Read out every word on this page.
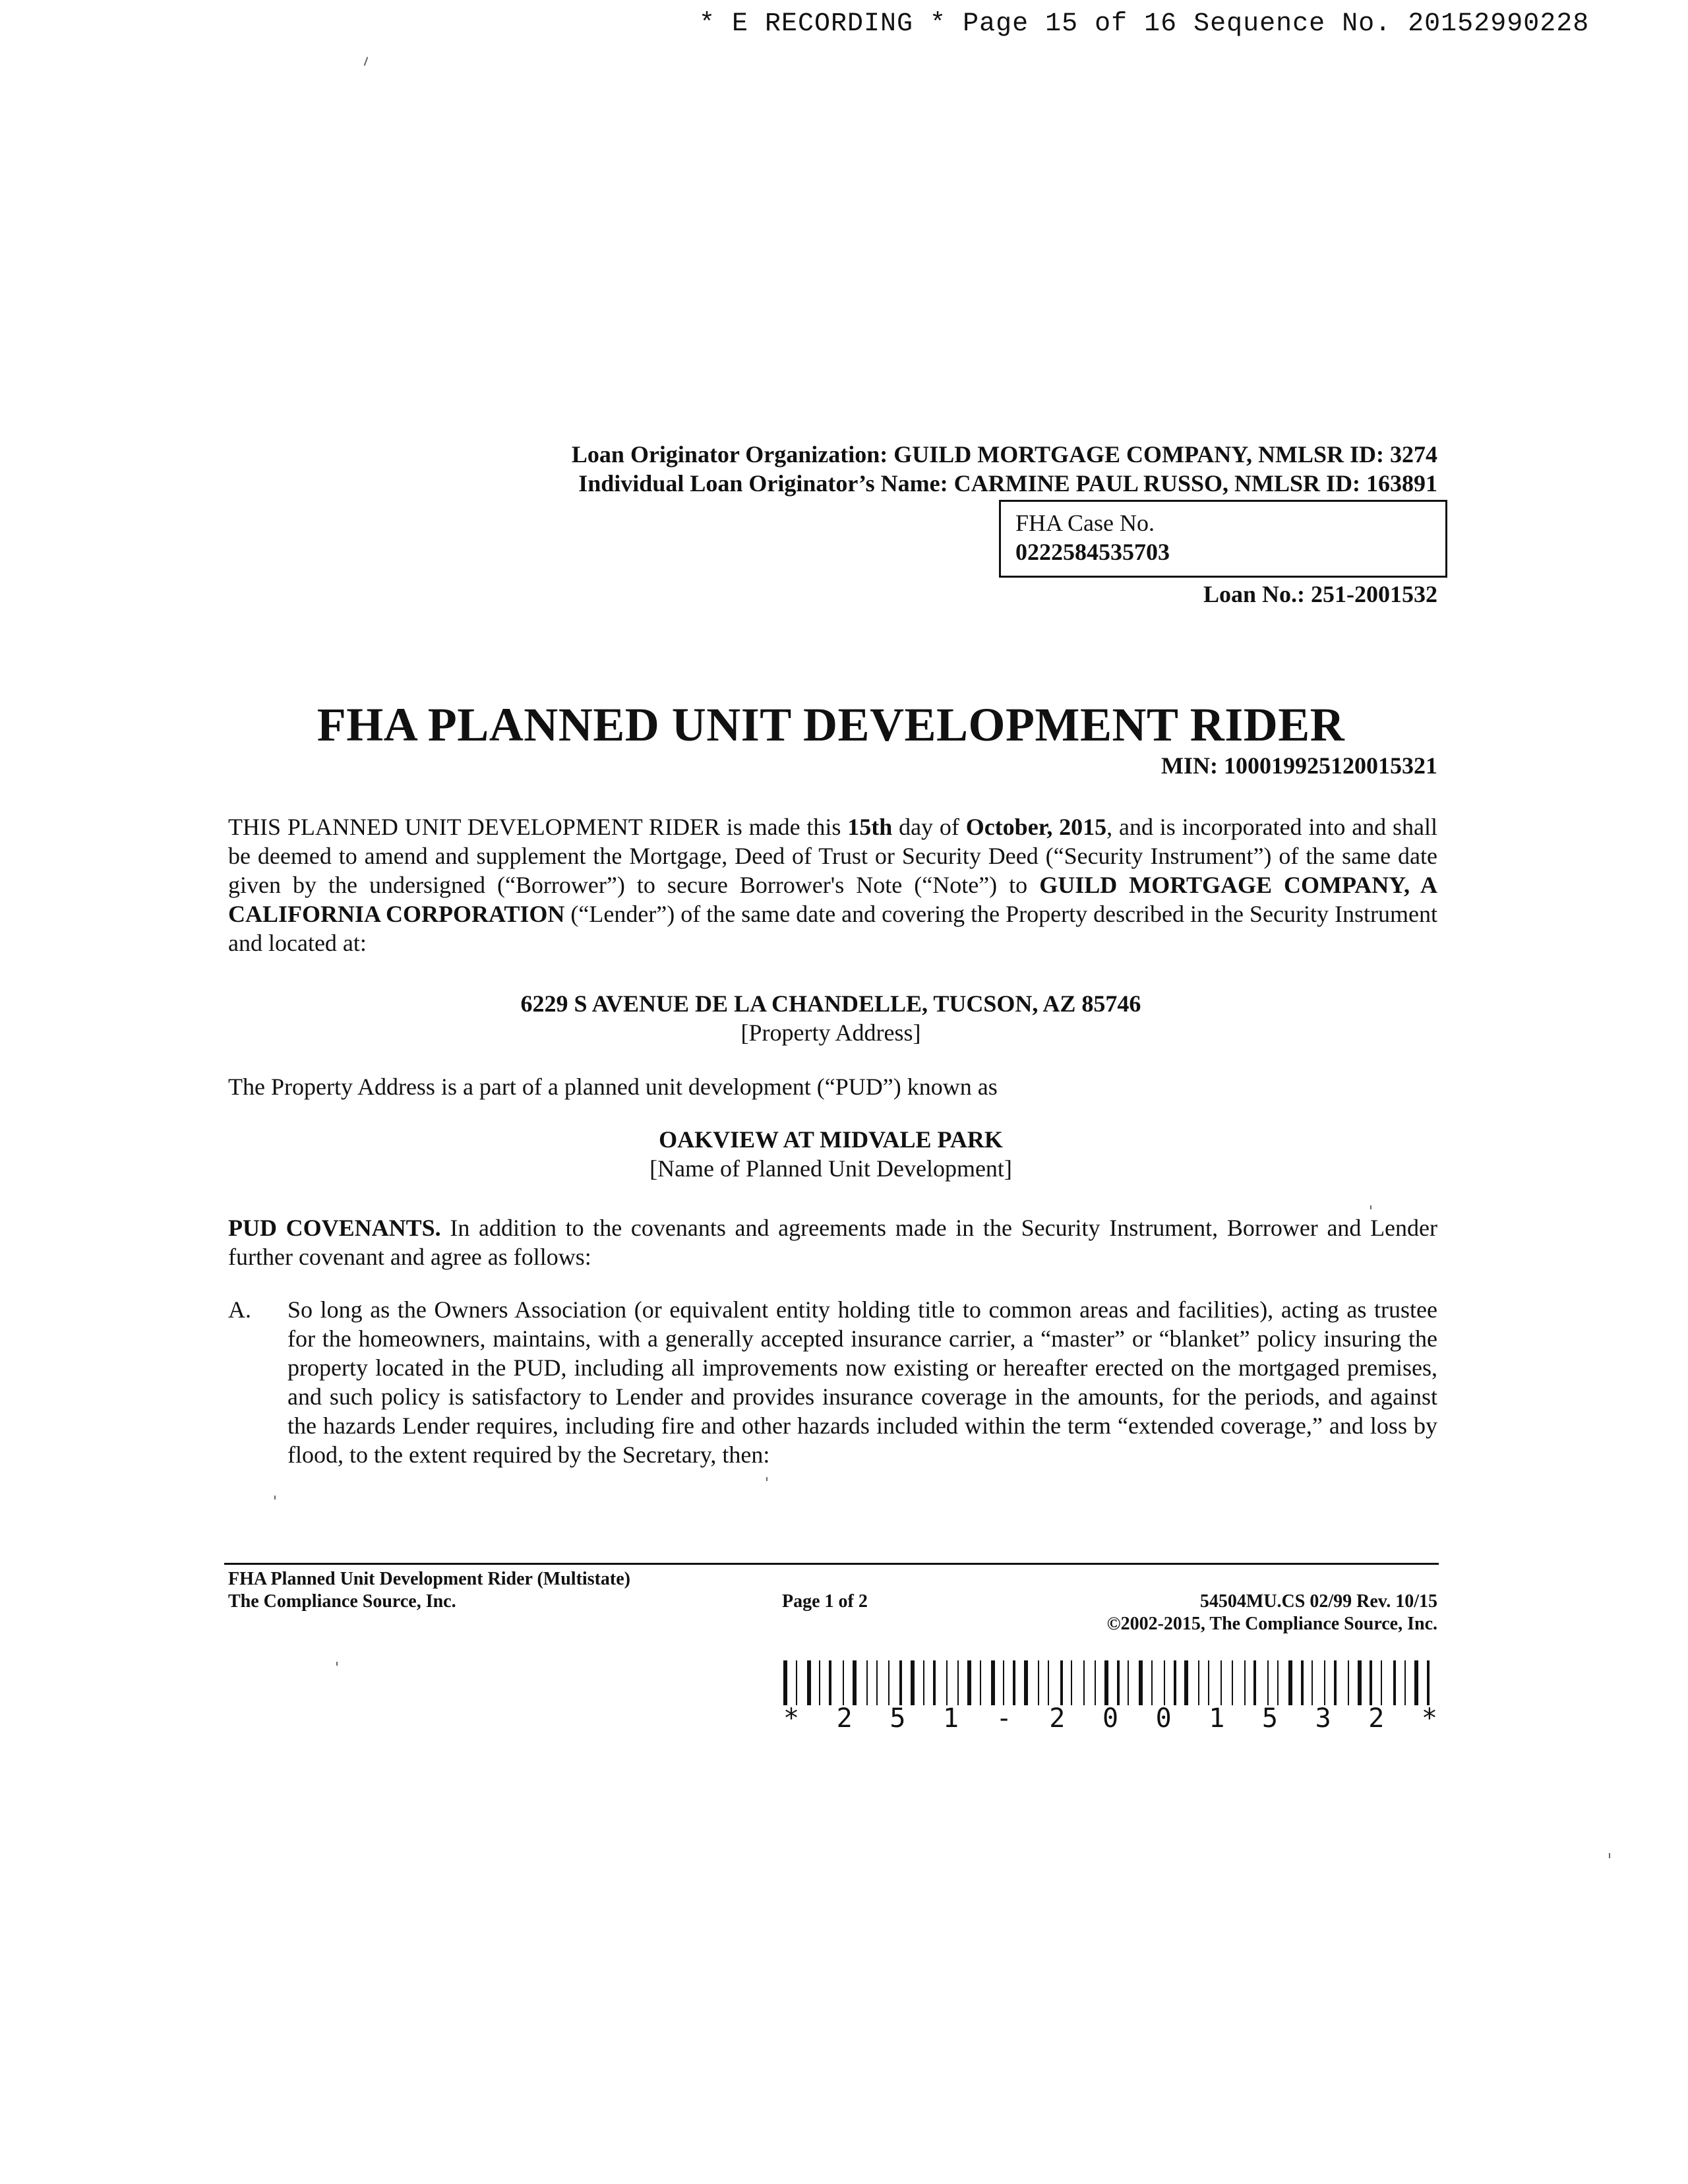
* E RECORDING * Page 15 of 16 Sequence No. 20152990228
Loan Originator Organization: GUILD MORTGAGE COMPANY, NMLSR ID: 3274
Individual Loan Originator’s Name: CARMINE PAUL RUSSO, NMLSR ID: 163891
FHA Case No.
0222584535703
Loan No.: 251-2001532
FHA PLANNED UNIT DEVELOPMENT RIDER
MIN: 100019925120015321
THIS PLANNED UNIT DEVELOPMENT RIDER is made this 15th day of October, 2015, and is incorporated into and shall be deemed to amend and supplement the Mortgage, Deed of Trust or Security Deed (“Security Instrument”) of the same date given by the undersigned (“Borrower”) to secure Borrower's Note (“Note”) to GUILD MORTGAGE COMPANY, A CALIFORNIA CORPORATION (“Lender”) of the same date and covering the Property described in the Security Instrument and located at:
6229 S AVENUE DE LA CHANDELLE, TUCSON, AZ 85746
[Property Address]
The Property Address is a part of a planned unit development (“PUD”) known as
OAKVIEW AT MIDVALE PARK
[Name of Planned Unit Development]
PUD COVENANTS. In addition to the covenants and agreements made in the Security Instrument, Borrower and Lender further covenant and agree as follows:
A. So long as the Owners Association (or equivalent entity holding title to common areas and facilities), acting as trustee for the homeowners, maintains, with a generally accepted insurance carrier, a “master” or “blanket” policy insuring the property located in the PUD, including all improvements now existing or hereafter erected on the mortgaged premises, and such policy is satisfactory to Lender and provides insurance coverage in the amounts, for the periods, and against the hazards Lender requires, including fire and other hazards included within the term “extended coverage,” and loss by flood, to the extent required by the Secretary, then:
FHA Planned Unit Development Rider (Multistate)
The Compliance Source, Inc.	Page 1 of 2	54504MU.CS 02/99 Rev. 10/15
©2002-2015, The Compliance Source, Inc.
* 2 5 1 - 2 0 0 1 5 3 2 *
